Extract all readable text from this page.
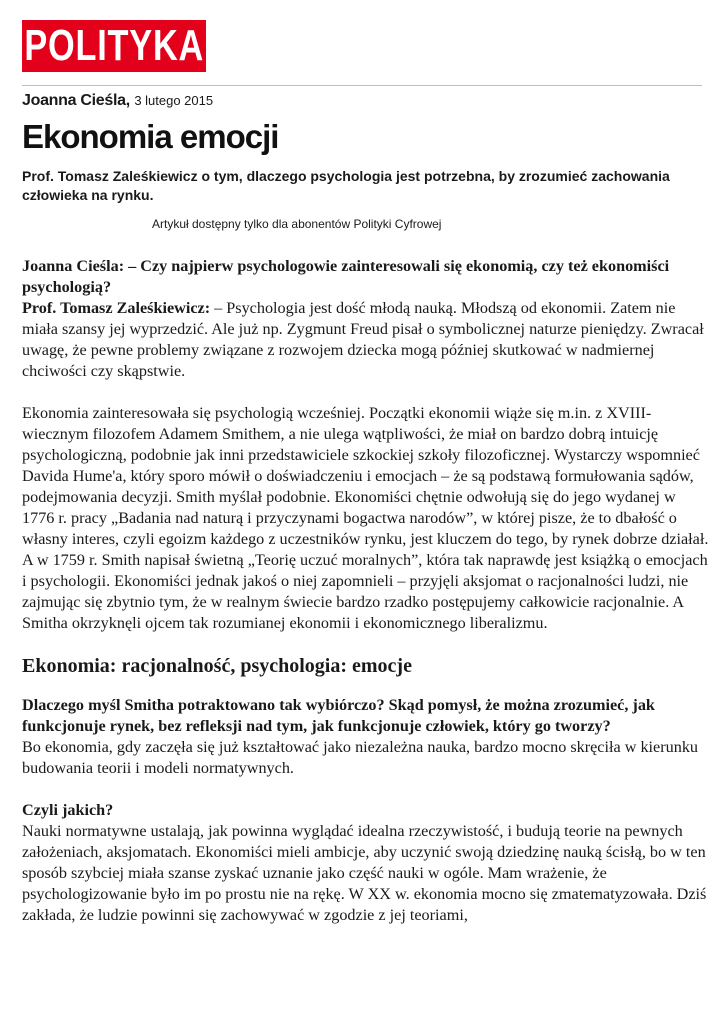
POLITYKA
Joanna Cieśla, 3 lutego 2015
Ekonomia emocji

Prof. Tomasz Zaleśkiewicz o tym, dlaczego psychologia jest potrzebna, by zrozumieć zachowania człowieka na rynku.

Artykuł dostępny tylko dla abonentów Polityki Cyfrowej

Joanna Cieśla: – Czy najpierw psychologowie zainteresowali się ekonomią, czy też ekonomiści psychologią?

Prof. Tomasz Zaleśkiewicz: – Psychologia jest dość młodą nauką. Młodszą od ekonomii. Zatem nie miała szansy jej wyprzedzić. Ale już np. Zygmunt Freud pisał o symbolicznej naturze pieniędzy. Zwracał uwagę, że pewne problemy związane z rozwojem dziecka mogą później skutkować w nadmiernej chciwości czy skąpstwie.

Ekonomia zainteresowała się psychologią wcześniej. Początki ekonomii wiąże się m.in. z XVIII-wiecznym filozofem Adamem Smithem, a nie ulega wątpliwości, że miał on bardzo dobrą intuicję psychologiczną, podobnie jak inni przedstawiciele szkockiej szkoły filozoficznej. Wystarczy wspomnieć Davida Hume'a, który sporo mówił o doświadczeniu i emocjach – że są podstawą formułowania sądów, podejmowania decyzji. Smith myślał podobnie. Ekonomiści chętnie odwołują się do jego wydanej w 1776 r. pracy „Badania nad naturą i przyczynami bogactwa narodów”, w której pisze, że to dbałość o własny interes, czyli egoizm każdego z uczestników rynku, jest kluczem do tego, by rynek dobrze działał. A w 1759 r. Smith napisał świetną „Teorię uczuć moralnych”, która tak naprawdę jest książką o emocjach i psychologii. Ekonomiści jednak jakoś o niej zapomnieli – przyjęli aksjomat o racjonalności ludzi, nie zajmując się zbytnio tym, że w realnym świecie bardzo rzadko postępujemy całkowicie racjonalnie. A Smitha okrzyknęli ojcem tak rozumianej ekonomii i ekonomicznego liberalizmu.

Ekonomia: racjonalność, psychologia: emocje

Dlaczego myśl Smitha potraktowano tak wybiórczo? Skąd pomysł, że można zrozumieć, jak funkcjonuje rynek, bez refleksji nad tym, jak funkcjonuje człowiek, który go tworzy?

Bo ekonomia, gdy zaczęła się już kształtować jako niezależna nauka, bardzo mocno skręciła w kierunku budowania teorii i modeli normatywnych.

Czyli jakich?

Nauki normatywne ustalają, jak powinna wyglądać idealna rzeczywistość, i budują teorie na pewnych założeniach, aksjomatach. Ekonomiści mieli ambicje, aby uczynić swoją dziedzinę nauką ścisłą, bo w ten sposób szybciej miała szanse zyskać uznanie jako część nauki w ogóle. Mam wrażenie, że psychologizowanie było im po prostu nie na rękę. W XX w. ekonomia mocno się zmatematyzowała. Dziś zakłada, że ludzie powinni się zachowywać w zgodzie z jej teoriami,
